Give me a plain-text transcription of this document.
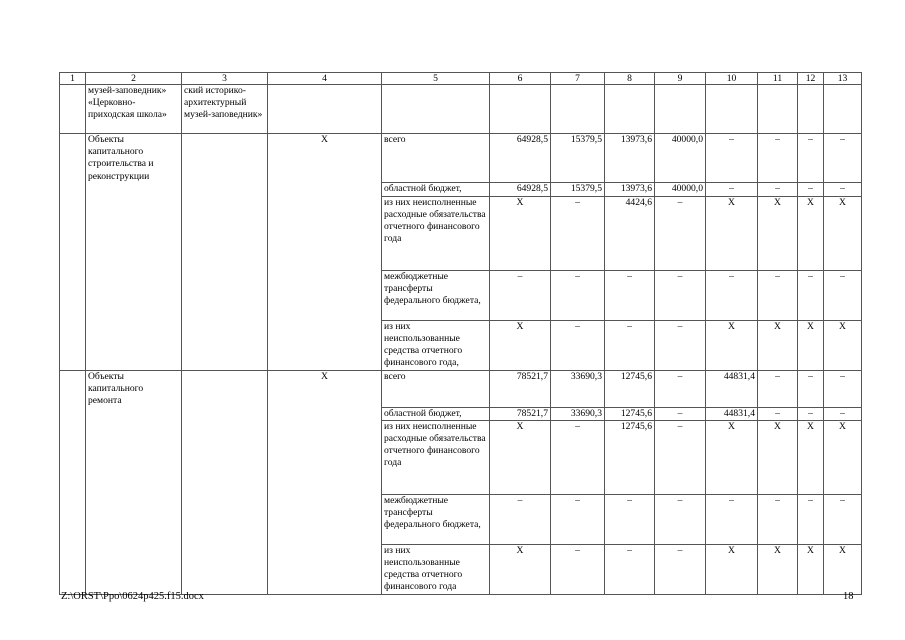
1	2	3	4	5	6	7	8	9	10	11	12	13
	музей-заповедник» «Церковно-приходская школа»	ский историко-архитектурный музей-заповедник»										
	Объекты капитального строительства и реконструкции		Х	всего	64928,5	15379,5	13973,6	40000,0	–	–	–	–
				областной бюджет,	64928,5	15379,5	13973,6	40000,0	–	–	–	–
				из них неисполненные расходные обязательства отчетного финансового года	Х	–	4424,6	–	Х	Х	Х	Х
				межбюджетные трансферты федерального бюджета,	–	–	–	–	–	–	–	–
				из них неиспользованные средства отчетного финансового года,	Х	–	–	–	Х	Х	Х	Х
	Объекты капитального ремонта		Х	всего	78521,7	33690,3	12745,6	–	44831,4	–	–	–
				областной бюджет,	78521,7	33690,3	12745,6	–	44831,4	–	–	–
				из них неисполненные расходные обязательства отчетного финансового года	Х	–	12745,6	–	Х	Х	Х	Х
				межбюджетные трансферты федерального бюджета,	–	–	–	–	–	–	–	–
				из них неиспользованные средства отчетного финансового года	Х	–	–	–	Х	Х	Х	Х
Z:\ORST\Ppo\0624p425.f15.docx	18
